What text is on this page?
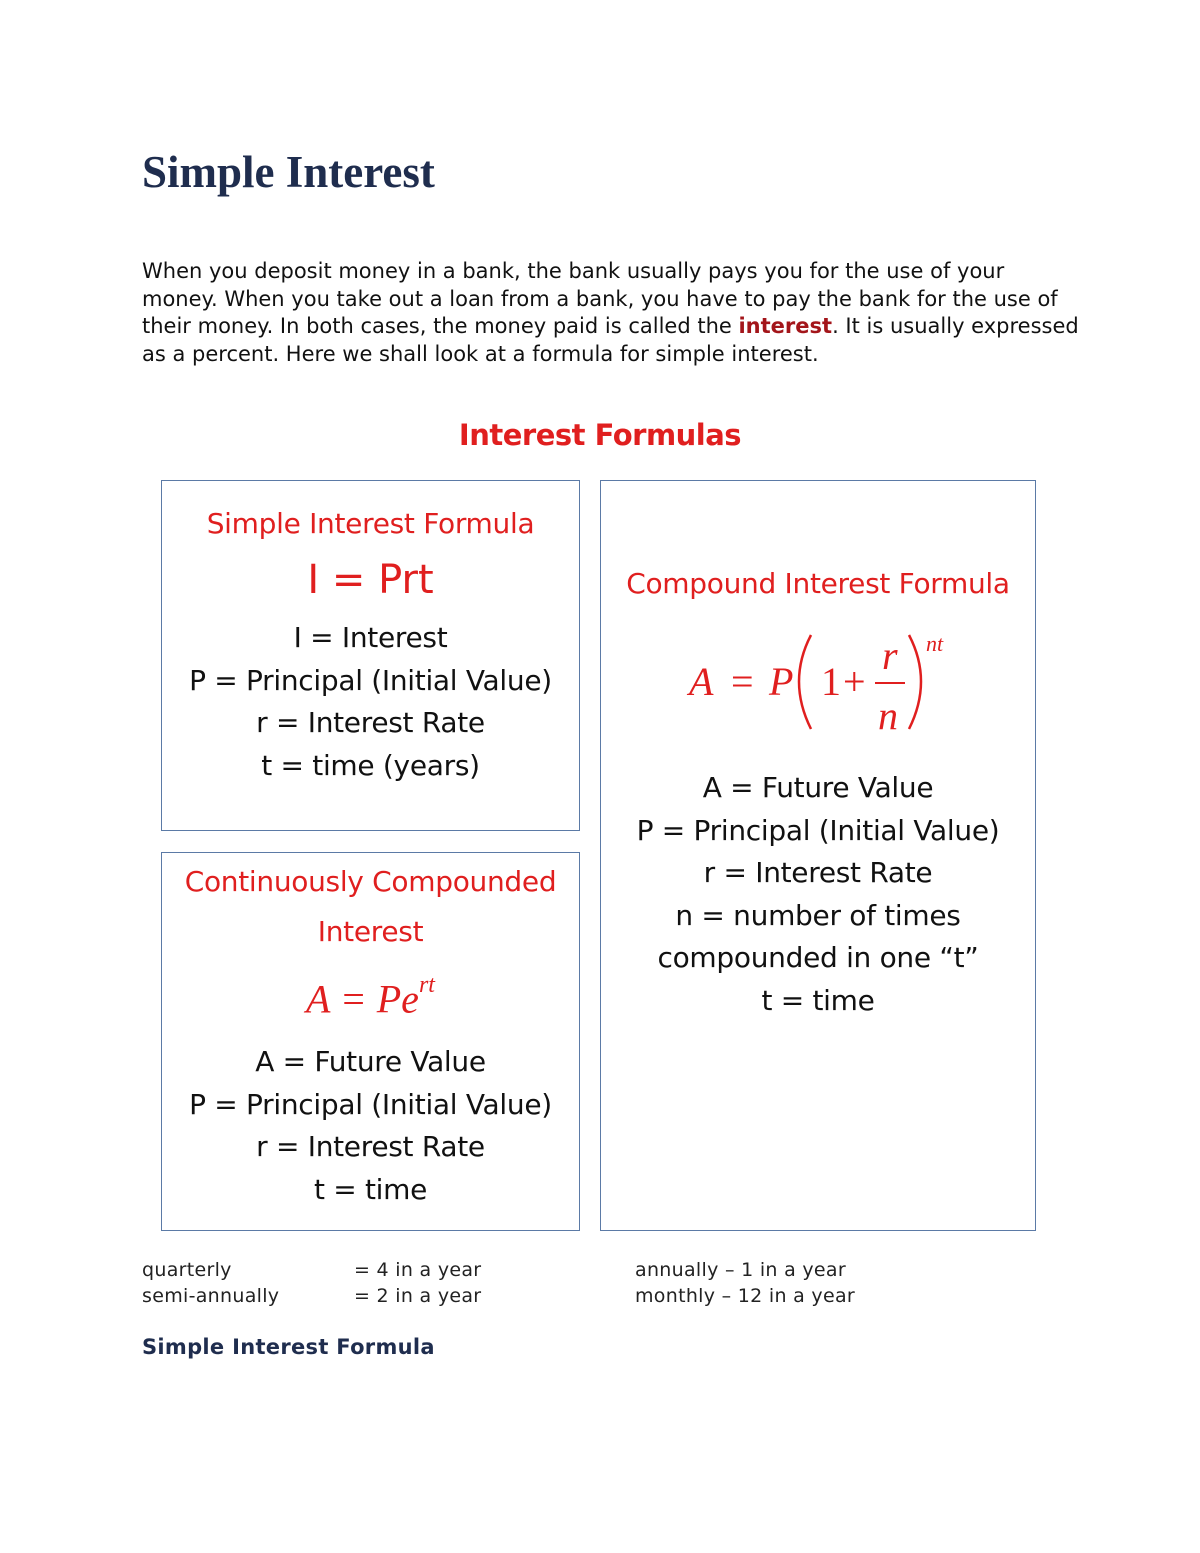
Simple Interest

When you deposit money in a bank, the bank usually pays you for the use of your money. When you take out a loan from a bank, you have to pay the bank for the use of their money. In both cases, the money paid is called the interest. It is usually expressed as a percent. Here we shall look at a formula for simple interest.

Interest Formulas
Simple Interest Formula
I = Prt
I = Interest
P = Principal (Initial Value)
r = Interest Rate
t = time (years)
Continuously Compounded
Interest
$A = Pe^{rt}$
A = Future Value
P = Principal (Initial Value)
r = Interest Rate
t = time
Compound Interest Formula
A = P 1 +
r
n
nt
A = Future Value
P = Principal (Initial Value)
r = Interest Rate
n = number of times
compounded in one “t”
t = time
quarterly	= 4 in a year	annually – 1 in a year
semi-annually	= 2 in a year	monthly – 12 in a year
Simple Interest Formula
